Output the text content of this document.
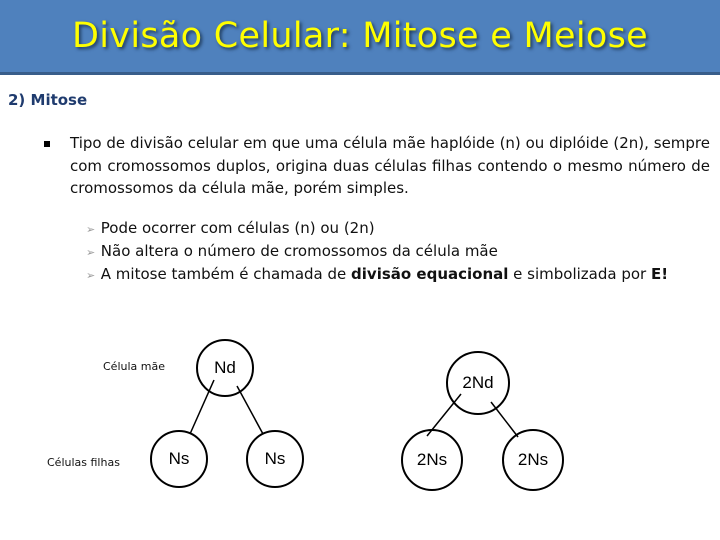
Divisão Celular: Mitose e Meiose
2) Mitose
Tipo de divisão celular em que uma célula mãe haplóide (n) ou diplóide (2n), sempre com cromossomos duplos, origina duas células filhas contendo o mesmo número de cromossomos da célula mãe, porém simples.
➢ Pode ocorrer com células (n) ou (2n)
➢ Não altera o número de cromossomos da célula mãe
➢ A mitose também é chamada de divisão equacional e simbolizada por E!
Célula mãe
Células filhas
Nd
Ns	Ns
2Nd
2Ns	2Ns
